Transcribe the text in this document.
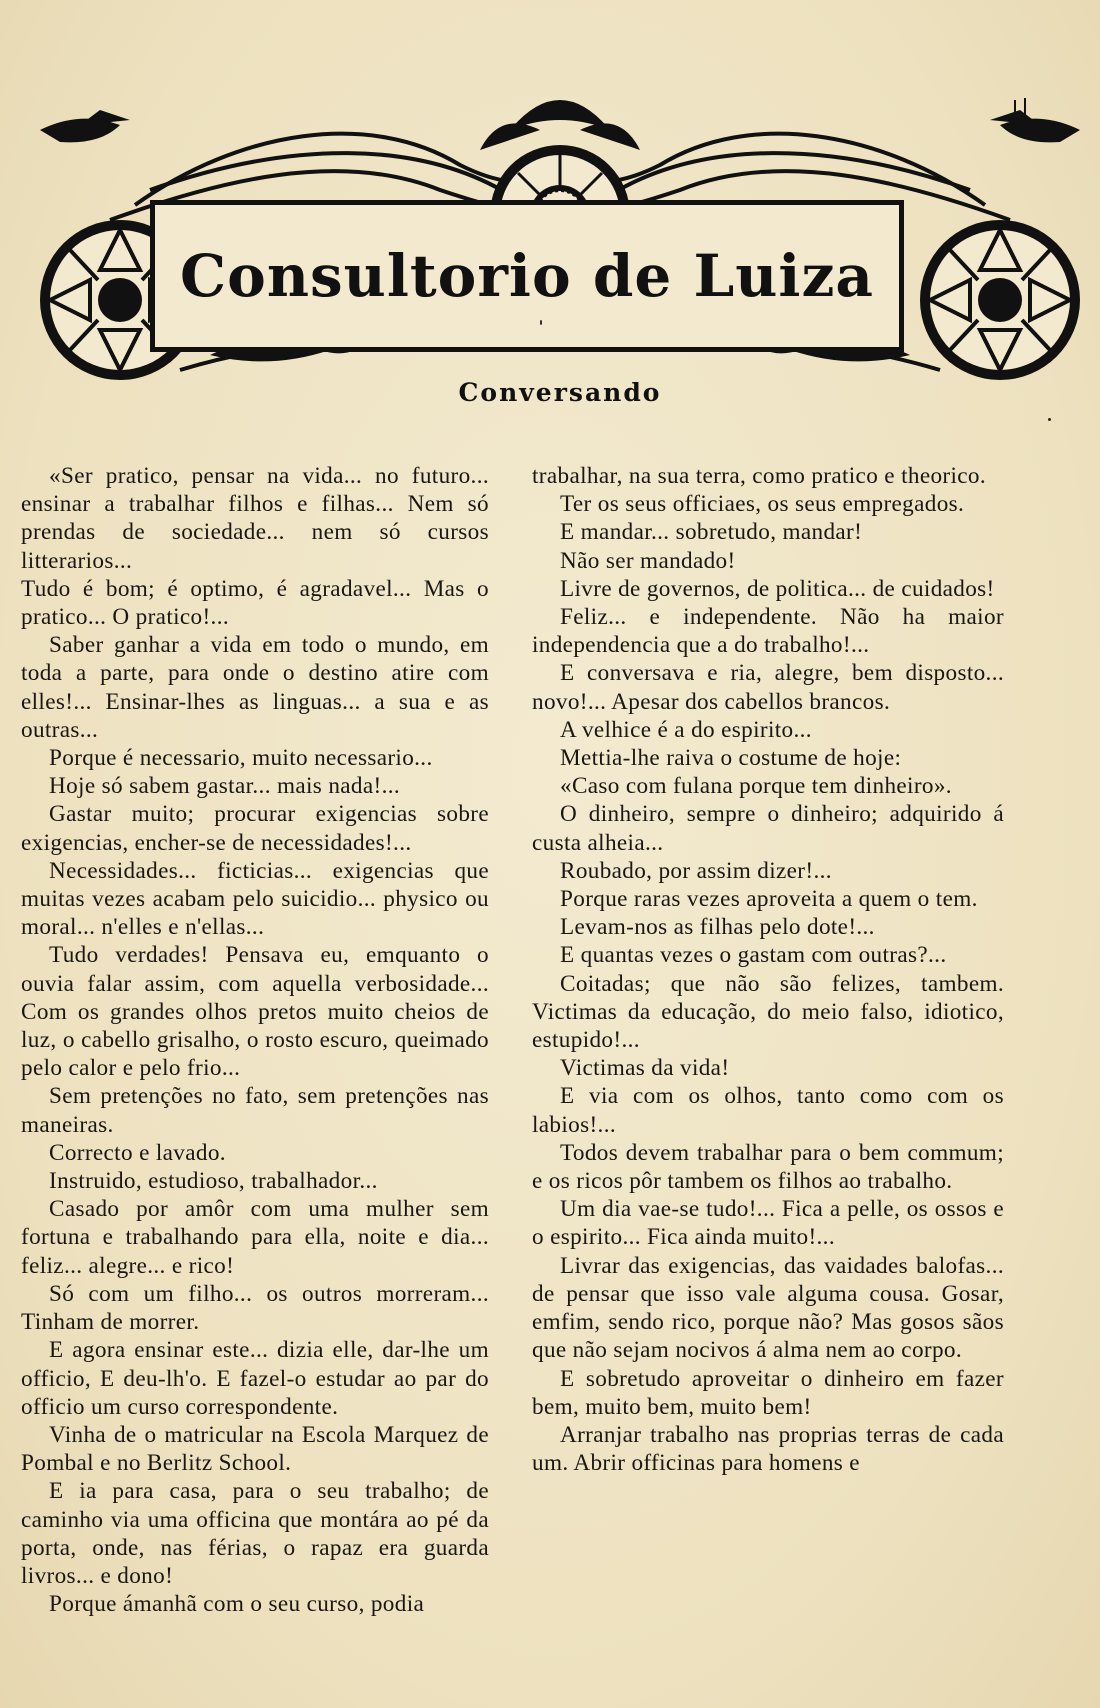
Consultorio de Luiza
Conversando

«Ser pratico, pensar na vida... no futuro... ensinar a trabalhar filhos e filhas... Nem só prendas de sociedade... nem só cursos litterarios...

Tudo é bom; é optimo, é agradavel... Mas o pratico... O pratico!...

Saber ganhar a vida em todo o mundo, em toda a parte, para onde o destino atire com elles!... Ensinar-lhes as linguas... a sua e as outras...

Porque é necessario, muito necessario...

Hoje só sabem gastar... mais nada!...

Gastar muito; procurar exigencias sobre exigencias, encher-se de necessidades!...

Necessidades... ficticias... exigencias que muitas vezes acabam pelo suicidio... physico ou moral... n'elles e n'ellas...

Tudo verdades! Pensava eu, emquanto o ouvia falar assim, com aquella verbosidade... Com os grandes olhos pretos muito cheios de luz, o cabello grisalho, o rosto escuro, queimado pelo calor e pelo frio...

Sem pretenções no fato, sem pretenções nas maneiras.

Correcto e lavado.

Instruido, estudioso, trabalhador...

Casado por amôr com uma mulher sem fortuna e trabalhando para ella, noite e dia... feliz... alegre... e rico!

Só com um filho... os outros morreram... Tinham de morrer.

E agora ensinar este... dizia elle, dar-lhe um officio, E deu-lh'o. E fazel-o estudar ao par do officio um curso correspondente.

Vinha de o matricular na Escola Marquez de Pombal e no Berlitz School.

E ia para casa, para o seu trabalho; de caminho via uma officina que montára ao pé da porta, onde, nas férias, o rapaz era guarda livros... e dono!

Porque ámanhã com o seu curso, podia

trabalhar, na sua terra, como pratico e theorico.

Ter os seus officiaes, os seus empregados.

E mandar... sobretudo, mandar!

Não ser mandado!

Livre de governos, de politica... de cuidados!

Feliz... e independente. Não ha maior independencia que a do trabalho!...

E conversava e ria, alegre, bem disposto... novo!... Apesar dos cabellos brancos.

A velhice é a do espirito...

Mettia-lhe raiva o costume de hoje:

«Caso com fulana porque tem dinheiro».

O dinheiro, sempre o dinheiro; adquirido á custa alheia...

Roubado, por assim dizer!...

Porque raras vezes aproveita a quem o tem.

Levam-nos as filhas pelo dote!...

E quantas vezes o gastam com outras?...

Coitadas; que não são felizes, tambem. Victimas da educação, do meio falso, idiotico, estupido!...

Victimas da vida!

E via com os olhos, tanto como com os labios!...

Todos devem trabalhar para o bem commum; e os ricos pôr tambem os filhos ao trabalho.

Um dia vae-se tudo!... Fica a pelle, os ossos e o espirito... Fica ainda muito!...

Livrar das exigencias, das vaidades balofas... de pensar que isso vale alguma cousa. Gosar, emfim, sendo rico, porque não? Mas gosos sãos que não sejam nocivos á alma nem ao corpo.

E sobretudo aproveitar o dinheiro em fazer bem, muito bem, muito bem!

Arranjar trabalho nas proprias terras de cada um. Abrir officinas para homens e
